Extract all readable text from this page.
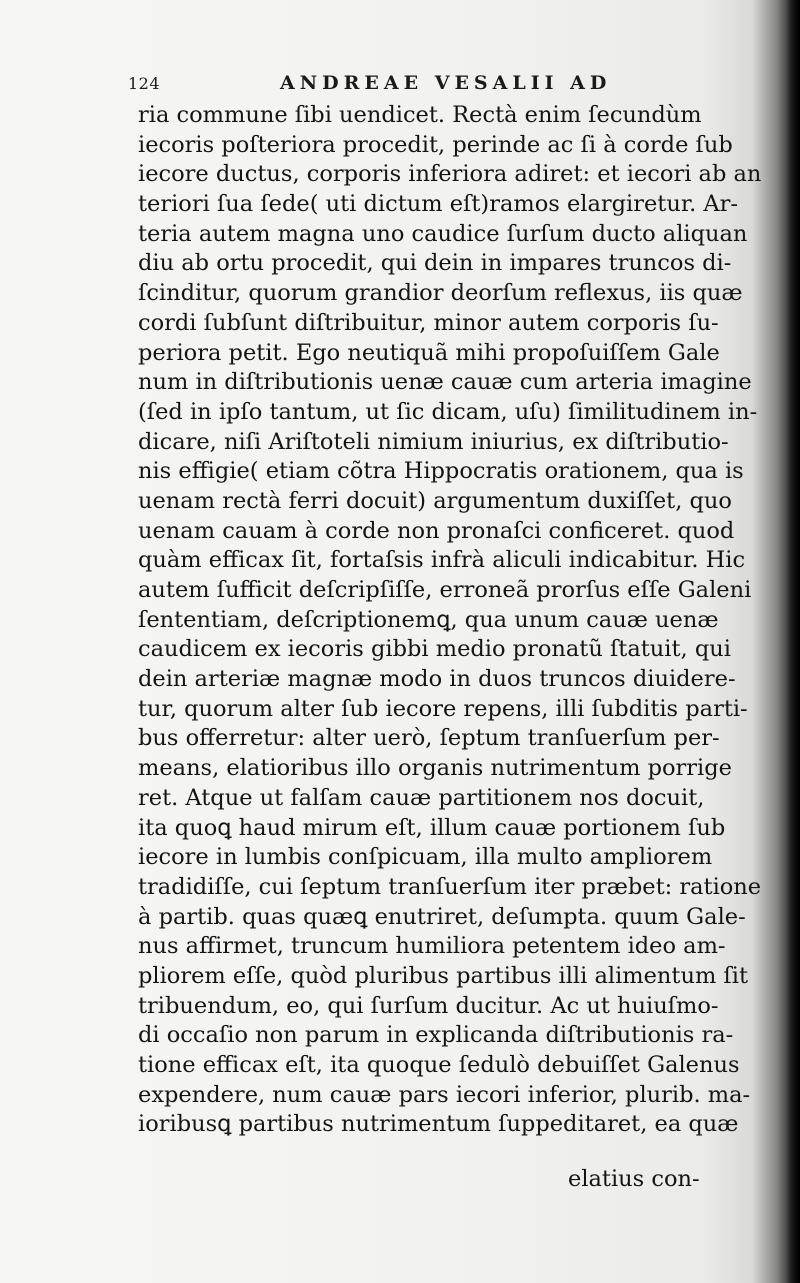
124	ANDREAE VESALII AD
ria commune ſibi uendicet. Rectà enim ſecundùm
iecoris poſteriora procedit, perinde ac ſi à corde ſub
iecore ductus, corporis inferiora adiret: et iecori ab an
teriori ſua ſede( uti dictum eſt)ramos elargiretur. Ar-
teria autem magna uno caudice ſurſum ducto aliquan
diu ab ortu procedit, qui dein in impares truncos di-
ſcinditur, quorum grandior deorſum reflexus, iis quæ
cordi ſubſunt diſtribuitur, minor autem corporis ſu-
periora petit. Ego neutiquã mihi propoſuiſſem Gale
num in diſtributionis uenæ cauæ cum arteria imagine
(ſed in ipſo tantum, ut ſic dicam, uſu) ſimilitudinem in-
dicare, niſi Ariſtoteli nimium iniurius, ex diſtributio-
nis effigie( etiam cõtra Hippocratis orationem, qua is
uenam rectà ferri docuit) argumentum duxiſſet, quo
uenam cauam à corde non pronaſci conficeret. quod
quàm efficax ſit, fortaſsis infrà aliculi indicabitur. Hic
autem ſufficit deſcripſiſſe, erroneã prorſus eſſe Galeni
ſententiam, deſcriptionemꝗ, qua unum cauæ uenæ
caudicem ex iecoris gibbi medio pronatũ ſtatuit, qui
dein arteriæ magnæ modo in duos truncos diuidere-
tur, quorum alter ſub iecore repens, illi ſubditis parti-
bus offerretur: alter uerò, ſeptum tranſuerſum per-
means, elatioribus illo organis nutrimentum porrige
ret. Atque ut falſam cauæ partitionem nos docuit,
ita quoꝗ haud mirum eſt, illum cauæ portionem ſub
iecore in lumbis conſpicuam, illa multo ampliorem
tradidiſſe, cui ſeptum tranſuerſum iter præbet: ratione
à partib. quas quæꝗ enutriret, deſumpta. quum Gale-
nus affirmet, truncum humiliora petentem ideo am-
pliorem eſſe, quòd pluribus partibus illi alimentum ſit
tribuendum, eo, qui ſurſum ducitur. Ac ut huiuſmo-
di occaſio non parum in explicanda diſtributionis ra-
tione efficax eſt, ita quoque ſedulò debuiſſet Galenus
expendere, num cauæ pars iecori inferior, plurib. ma-
ioribusꝗ partibus nutrimentum ſuppeditaret, ea quæ
elatius con-
